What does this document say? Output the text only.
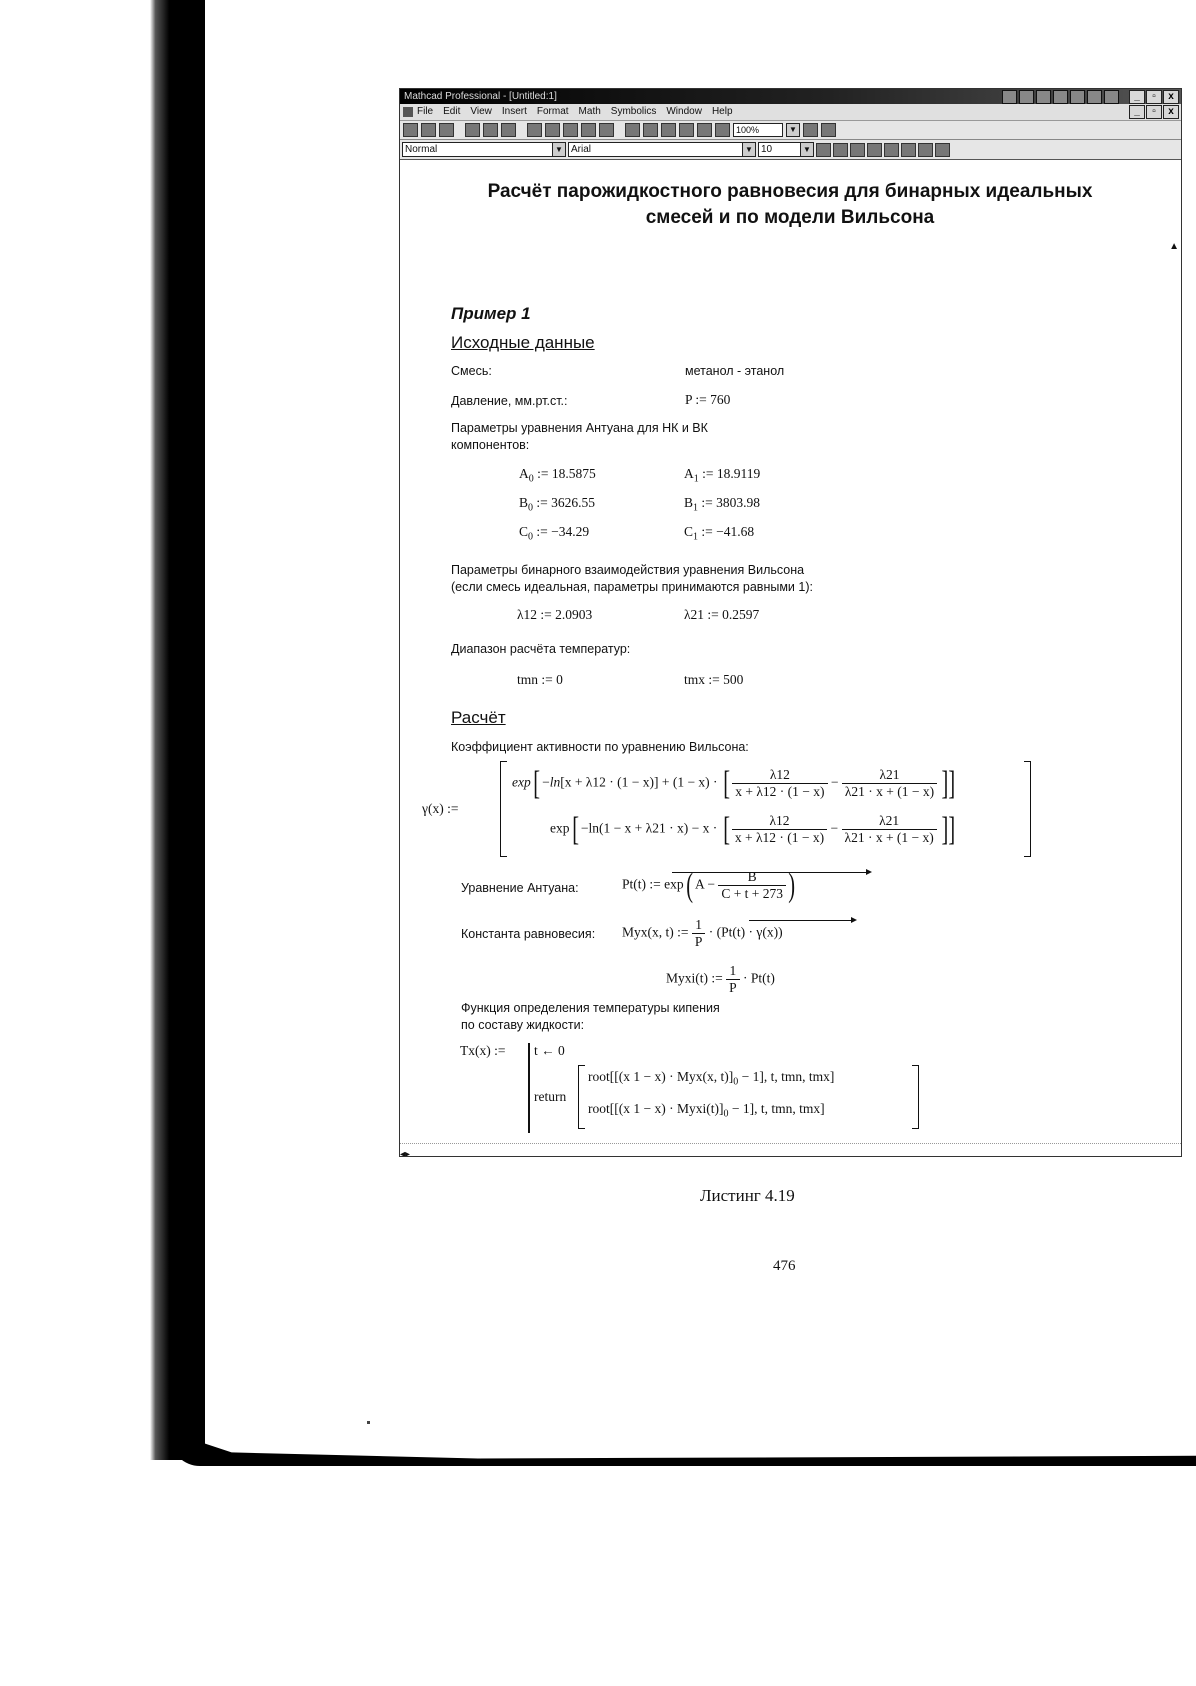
Mathcad Professional - [Untitled:1]	_	▫	x
File Edit View Insert Format Math Symbolics Window Help	_	▫	x
100%	▼
Normal	▼ Arial	▼ 10	▼
Расчёт парожидкостного равновесия для бинарных идеальных
смесей и по модели Вильсона
Пример 1
Исходные данные
Смесь:	метанол - этанол
Давление, мм.рт.ст.:	P := 760
Параметры уравнения Антуана для НК и ВК
компонентов:
$A_0$ := 18.5875	$A_1$ := 18.9119
$B_0$ := 3626.55	$B_1$ := 3803.98
$C_0$ := −34.29	$C_1$ := −41.68
Параметры бинарного взаимодействия уравнения Вильсона
(если смесь идеальная, параметры принимаются равными 1):
λ12 := 2.0903	λ21 := 0.2597
Диапазон расчёта температур:
tmn := 0	tmx := 500
Расчёт
Коэффициент активности по уравнению Вильсона:
γ(x) :=
exp[ −ln[x + λ12 · (1 − x)] + (1 − x) · [ $\frac{\lambda 12}{x + \lambda 12 \cdot (1 - x)} - \frac{\lambda 21}{\lambda 21 \cdot x + (1 - x)}$ ]]
exp[ −ln(1 − x + λ21 · x) − x · [ $\frac{\lambda 12}{x + \lambda 12 \cdot (1 - x)} - \frac{\lambda 21}{\lambda 21 \cdot x + (1 - x)}$ ]]
Уравнение Антуана:	Pt(t) := exp( $A - \frac{B}{C + t + 273}$ )
Константа равновесия: Myx(x, t) := $\frac{1}{P} \cdot (Pt(t) \cdot \gamma(x))$
Myxi(t) := $\frac{1}{P} \cdot Pt(t)$
Функция определения температуры кипения
по составу жидкости:
Tx(x) := t ← 0
return
root[[(x 1 − x) · Myx(x, $t)]_0 - 1$], t, tmn, tmx]
root[[(x $1 - x) \cdot Myxi(t)]_0 - 1$], t, tmn, tmx]
▲
◂▸
Листинг 4.19
476
